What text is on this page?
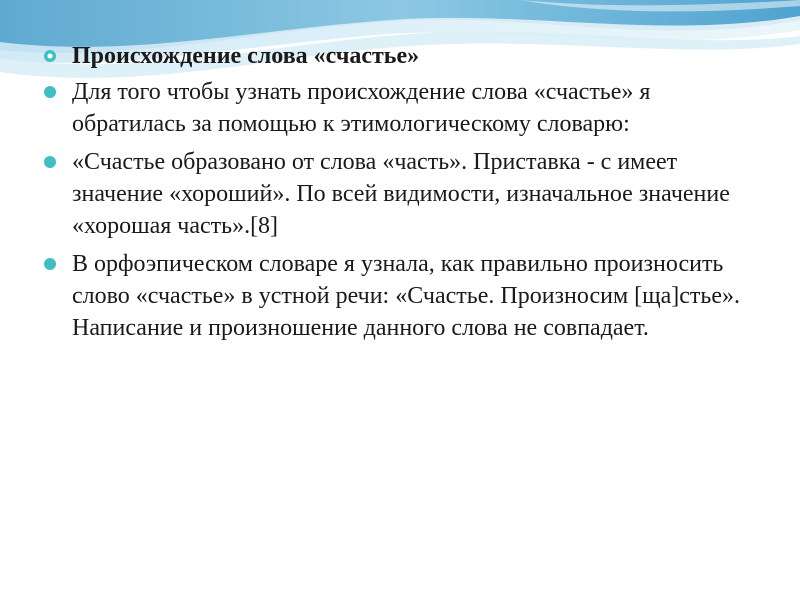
Происхождение слова «счастье»
Для того чтобы узнать происхождение слова «счастье» я обратилась за помощью к этимологическому словарю:
«Счастье образовано от слова «часть». Приставка - с имеет значение «хороший». По всей видимости, изначальное значение «хорошая часть».[8]
В орфоэпическом словаре я узнала, как правильно произносить слово «счастье» в устной речи: «Счастье. Произносим [ща]стье». Написание и произношение данного слова не совпадает.
